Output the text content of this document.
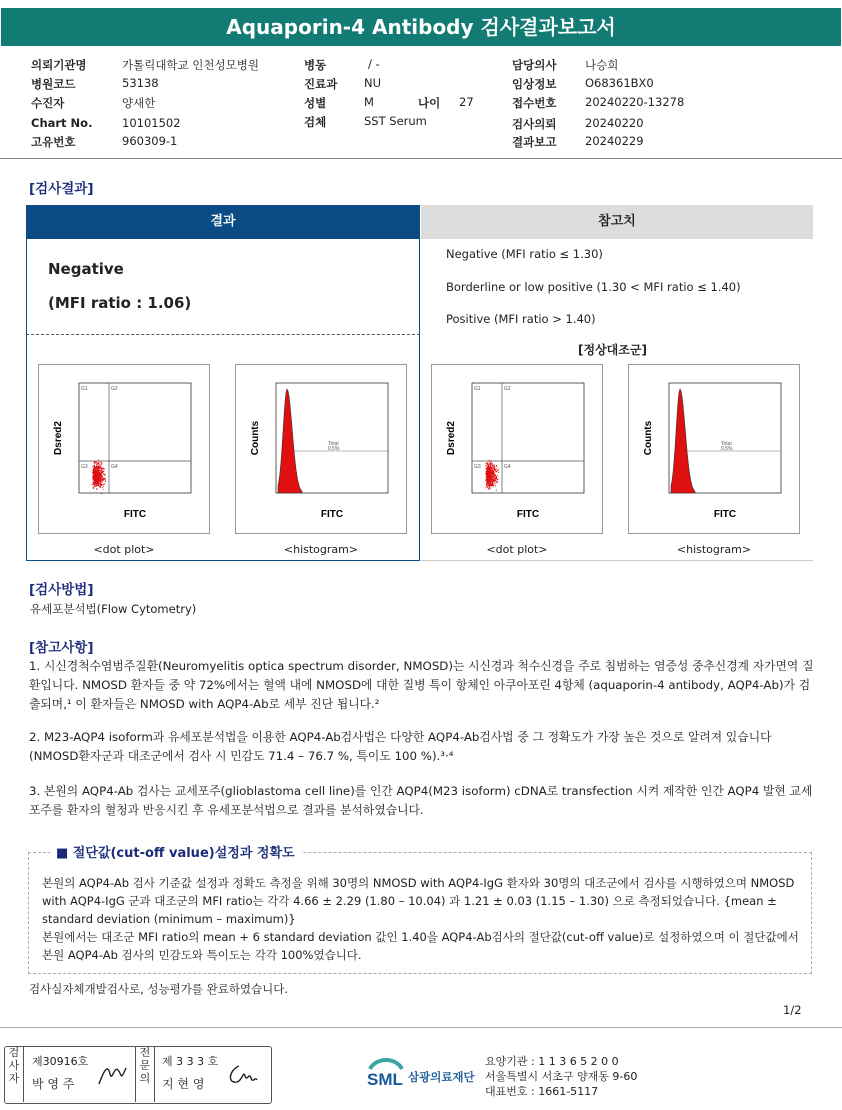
Aquaporin-4 Antibody 검사결과보고서
의뢰기관명	가톨릭대학교 인천성모병원
병원코드	53138
수진자	양새한
Chart No.	10101502
고유번호	960309-1
병동	/ -
진료과 NU
성별	M	나이 27
검체	SST Serum
담당의사 나승희
임상정보 O68361BX0
접수번호 20240220-13278
검사의뢰 20240220
결과보고 20240229
[검사결과]
결과	참고치
Negative
(MFI ratio : 1.06)
Negative (MFI ratio ≤ 1.30)
Borderline or low positive (1.30 < MFI ratio ≤ 1.40)
Positive (MFI ratio > 1.40)
[정상대조군]
Dsred2
FITC
G1	G2
G3	G4
<dot plot>
Counts
FITC
Total
0.5%
<histogram>
Dsred2
FITC
G1	G2
G3	G4
<dot plot>
Counts
FITC
Total
0.5%
<histogram>
[검사방법]
유세포분석법(Flow Cytometry)
[참고사항]
1. 시신경척수염범주질환(Neuromyelitis optica spectrum disorder, NMOSD)는 시신경과 척수신경을 주로 침범하는 염증성 중추신경계 자가면역 질환입니다. NMOSD 환자들 중 약 72%에서는 혈액 내에 NMOSD에 대한 질병 특이 항체인 아쿠아포린 4항체 (aquaporin-4 antibody, AQP4-Ab)가 검출되며,¹ 이 환자들은 NMOSD with AQP4-Ab로 세부 진단 됩니다.²
2. M23-AQP4 isoform과 유세포분석법을 이용한 AQP4-Ab검사법은 다양한 AQP4-Ab검사법 중 그 정확도가 가장 높은 것으로 알려져 있습니다(NMOSD환자군과 대조군에서 검사 시 민감도 71.4 – 76.7 %, 특이도 100 %).³·⁴
3. 본원의 AQP4-Ab 검사는 교세포주(glioblastoma cell line)를 인간 AQP4(M23 isoform) cDNA로 transfection 시켜 제작한 인간 AQP4 발현 교세포주를 환자의 혈청과 반응시킨 후 유세포분석법으로 결과를 분석하였습니다.
■ 절단값(cut-off value)설정과 정확도
본원의 AQP4-Ab 검사 기준값 설정과 정확도 측정을 위해 30명의 NMOSD with AQP4-IgG 환자와 30명의 대조군에서 검사를 시행하였으며 NMOSD with AQP4-IgG 군과 대조군의 MFI ratio는 각각 4.66 ± 2.29 (1.80 – 10.04) 과 1.21 ± 0.03 (1.15 – 1.30) 으로 측정되었습니다. {mean ± standard deviation (minimum – maximum)}
본원에서는 대조군 MFI ratio의 mean + 6 standard deviation 값인 1.40을 AQP4-Ab검사의 절단값(cut-off value)로 설정하였으며 이 절단값에서 본원 AQP4-Ab 검사의 민감도와 특이도는 각각 100%였습니다.
검사실자체개발검사로, 성능평가를 완료하였습니다.
1/2
검사자
제30916호
박 영 주
전문의
제 3 3 3 호
지 현 영	SML 삼광의료재단
요양기관 : 1 1 3 6 5 2 0 0
서울특별시 서초구 양재동 9-60
대표번호 : 1661-5117
